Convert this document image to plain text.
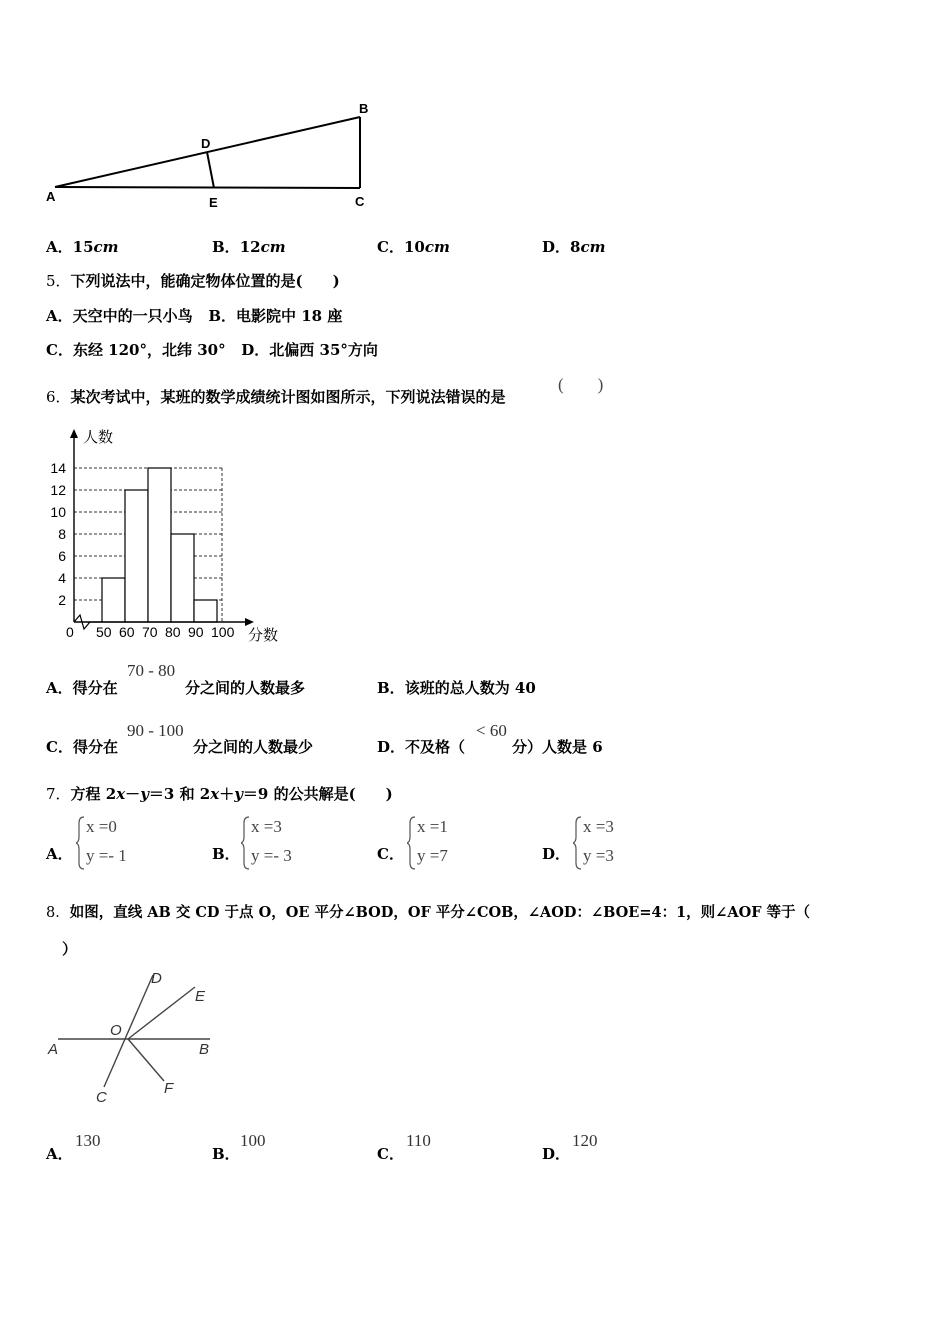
A
B
C
D
E
A．15cm	B．12cm	C．10cm	D．8cm
5．下列说法中，能确定物体位置的是(　　)
A．天空中的一只小鸟 B．电影院中 18 座
C．东经 120°，北纬 30° D．北偏西 35°方向
6．某次考试中，某班的数学成绩统计图如图所示，下列说法错误的是
(　　)
2
4
6
8
10
12
14
0 50 60 70 80 90 100
人数
分数
A．得分在
70 - 80
分之间的人数最多	B．该班的总人数为 40
C．得分在
90 - 100
分之间的人数最少	D．不及格（
< 60
分）人数是 6
7．方程 2x－y＝3 和 2x＋y＝9 的公共解是(　　)
A．
x =0
y =- 1	B．
x =3
y =- 3	C．
x =1
y =7	D．
x =3
y =3
8．如图，直线 AB 交 CD 于点 O，OE 平分∠BOD，OF 平分∠COB，∠AOD：∠BOE=4：1，则∠AOF 等于（
）
A	B
C
D
E
F
O
A．
130
B．
100
C．
110
D．
120
